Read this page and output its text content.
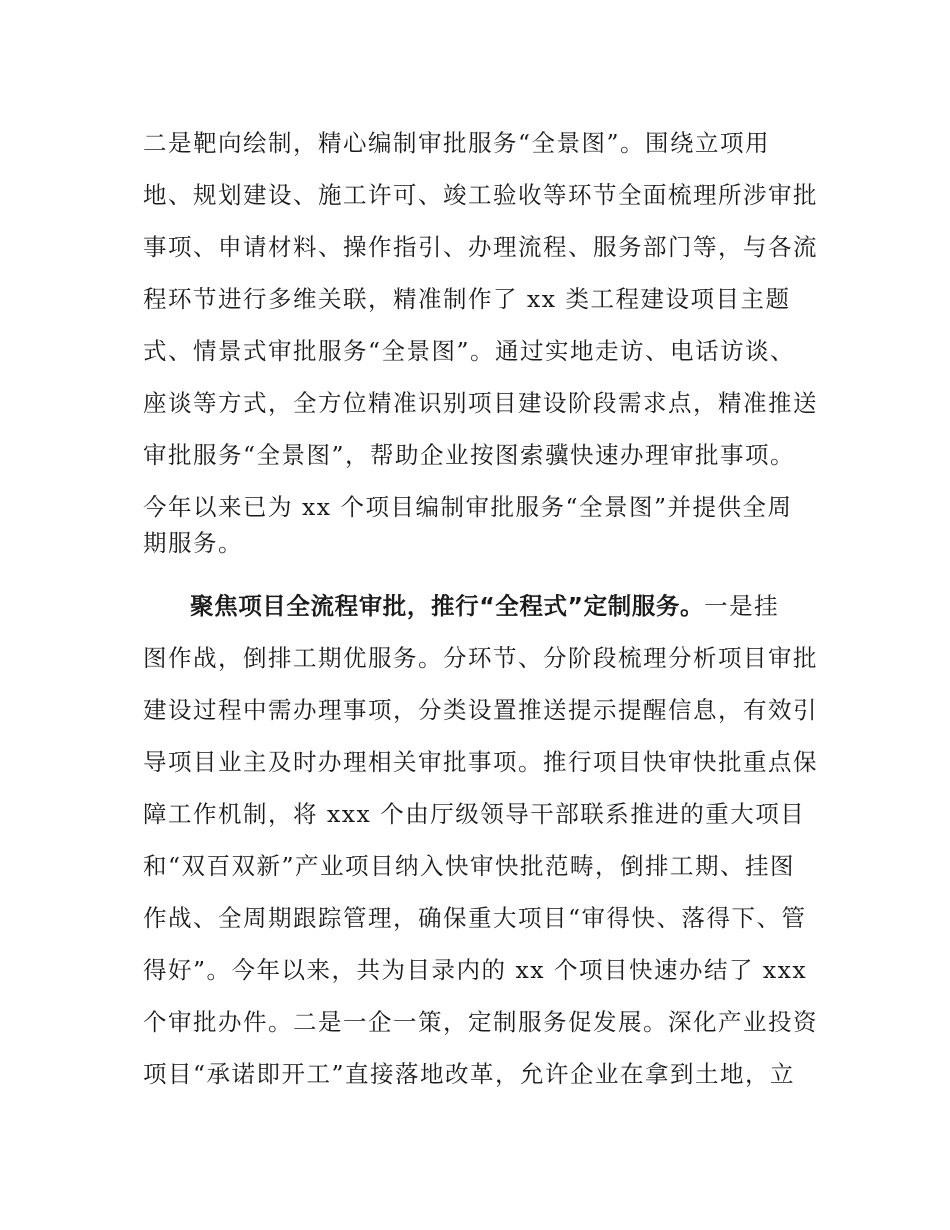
二是靶向绘制，精心编制审批服务“全景图”。围绕立项用
地、规划建设、施工许可、竣工验收等环节全面梳理所涉审批
事项、申请材料、操作指引、办理流程、服务部门等，与各流
程环节进行多维关联，精准制作了 xx 类工程建设项目主题
式、情景式审批服务“全景图”。通过实地走访、电话访谈、
座谈等方式，全方位精准识别项目建设阶段需求点，精准推送
审批服务“全景图”，帮助企业按图索骥快速办理审批事项。
今年以来已为 xx 个项目编制审批服务“全景图”并提供全周
期服务。
聚焦项目全流程审批，推行“全程式”定制服务。一是挂
图作战，倒排工期优服务。分环节、分阶段梳理分析项目审批
建设过程中需办理事项，分类设置推送提示提醒信息，有效引
导项目业主及时办理相关审批事项。推行项目快审快批重点保
障工作机制，将 xxx 个由厅级领导干部联系推进的重大项目
和“双百双新”产业项目纳入快审快批范畴，倒排工期、挂图
作战、全周期跟踪管理，确保重大项目“审得快、落得下、管
得好”。今年以来，共为目录内的 xx 个项目快速办结了 xxx
个审批办件。二是一企一策，定制服务促发展。深化产业投资
项目“承诺即开工”直接落地改革，允许企业在拿到土地，立
